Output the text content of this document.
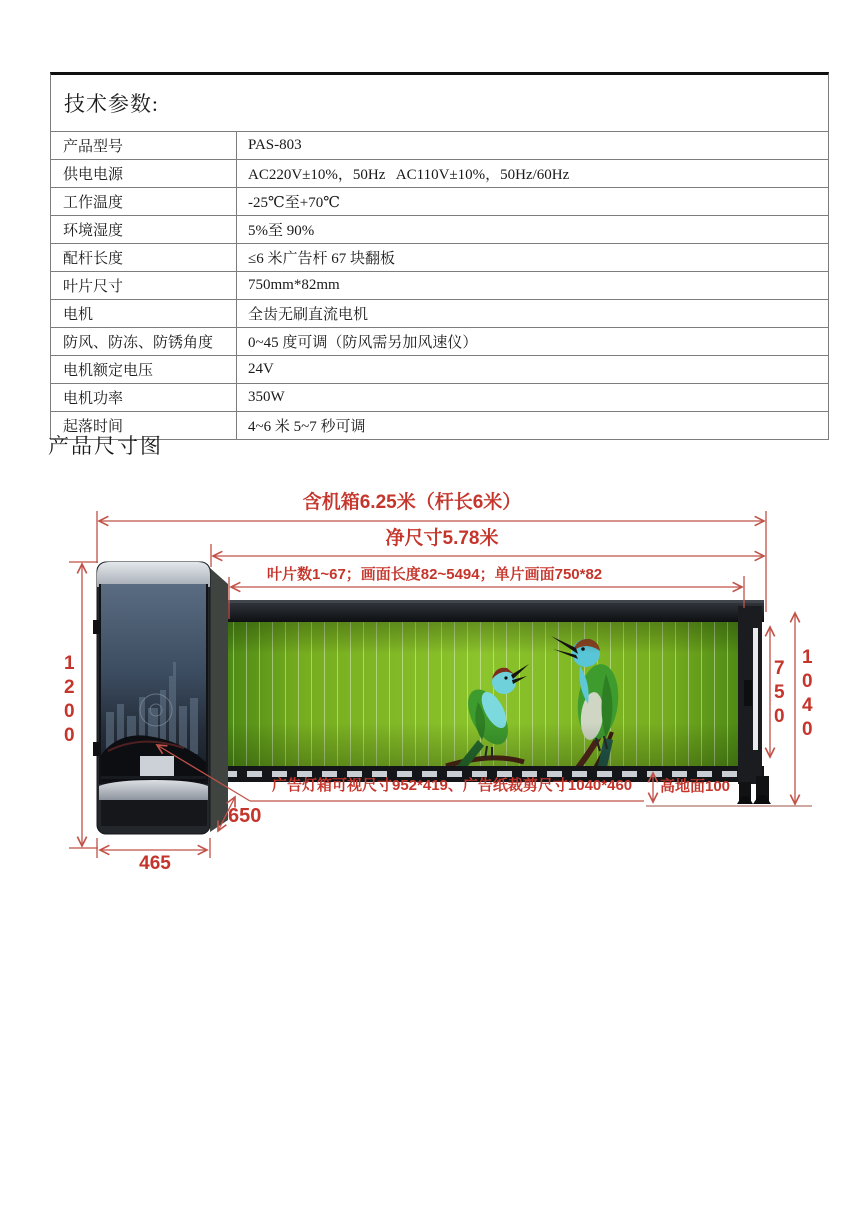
技术参数:
产品型号	PAS-803
供电电源	AC220V±10%，50Hz   AC110V±10%，50Hz/60Hz
工作温度	-25℃至+70℃
环境湿度	5%至 90%
配杆长度	≤6 米广告杆 67 块翻板
叶片尺寸	750mm*82mm
电机	全齿无刷直流电机
防风、防冻、防锈角度	0~45 度可调（防风需另加风速仪）
电机额定电压	24V
电机功率	350W
起落时间	4~6 米 5~7 秒可调
产品尺寸图
含机箱6.25米（杆长6米）
净尺寸5.78米
叶片数1~67；画面长度82~5494；单片画面750*82
广告灯箱可视尺寸952*419、广告纸裁剪尺寸1040*460 高地面100
650
465
1200	750 1040
